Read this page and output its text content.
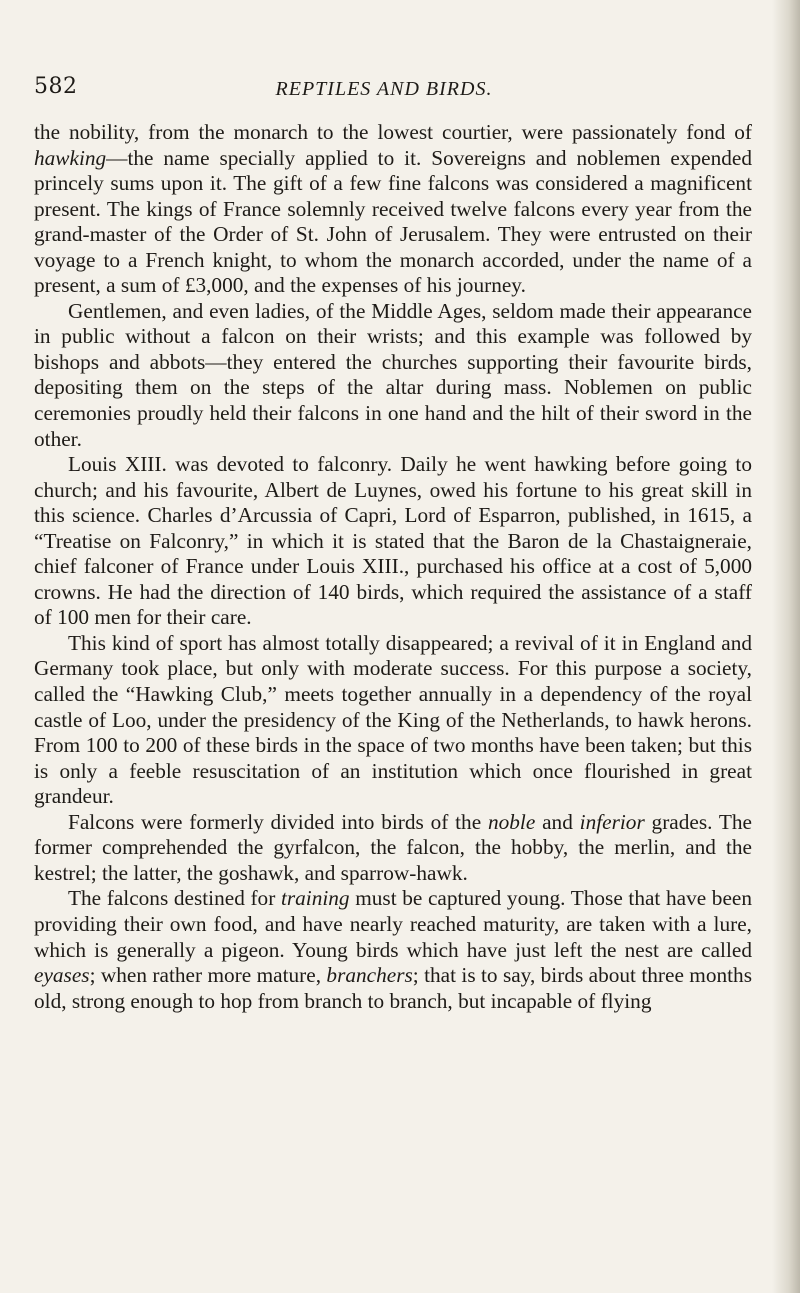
582	REPTILES AND BIRDS.

the nobility, from the monarch to the lowest courtier, were passionately fond of hawking—the name specially applied to it. Sovereigns and noblemen expended princely sums upon it. The gift of a few fine falcons was considered a magnificent present. The kings of France solemnly received twelve falcons every year from the grand-master of the Order of St. John of Jerusalem. They were entrusted on their voyage to a French knight, to whom the monarch accorded, under the name of a present, a sum of £3,000, and the expenses of his journey.

Gentlemen, and even ladies, of the Middle Ages, seldom made their appearance in public without a falcon on their wrists; and this example was followed by bishops and abbots—they entered the churches supporting their favourite birds, depositing them on the steps of the altar during mass. Noblemen on public ceremonies proudly held their falcons in one hand and the hilt of their sword in the other.

Louis XIII. was devoted to falconry. Daily he went hawking before going to church; and his favourite, Albert de Luynes, owed his fortune to his great skill in this science. Charles d’Arcussia of Capri, Lord of Esparron, published, in 1615, a “Treatise on Falconry,” in which it is stated that the Baron de la Chastaigneraie, chief falconer of France under Louis XIII., purchased his office at a cost of 5,000 crowns. He had the direction of 140 birds, which required the assistance of a staff of 100 men for their care.

This kind of sport has almost totally disappeared; a revival of it in England and Germany took place, but only with moderate success. For this purpose a society, called the “Hawking Club,” meets together annually in a dependency of the royal castle of Loo, under the presidency of the King of the Netherlands, to hawk herons. From 100 to 200 of these birds in the space of two months have been taken; but this is only a feeble resuscitation of an institution which once flourished in great grandeur.

Falcons were formerly divided into birds of the noble and inferior grades. The former comprehended the gyrfalcon, the falcon, the hobby, the merlin, and the kestrel; the latter, the goshawk, and sparrow-hawk.

The falcons destined for training must be captured young. Those that have been providing their own food, and have nearly reached maturity, are taken with a lure, which is generally a pigeon. Young birds which have just left the nest are called eyases; when rather more mature, branchers; that is to say, birds about three months old, strong enough to hop from branch to branch, but incapable of flying
